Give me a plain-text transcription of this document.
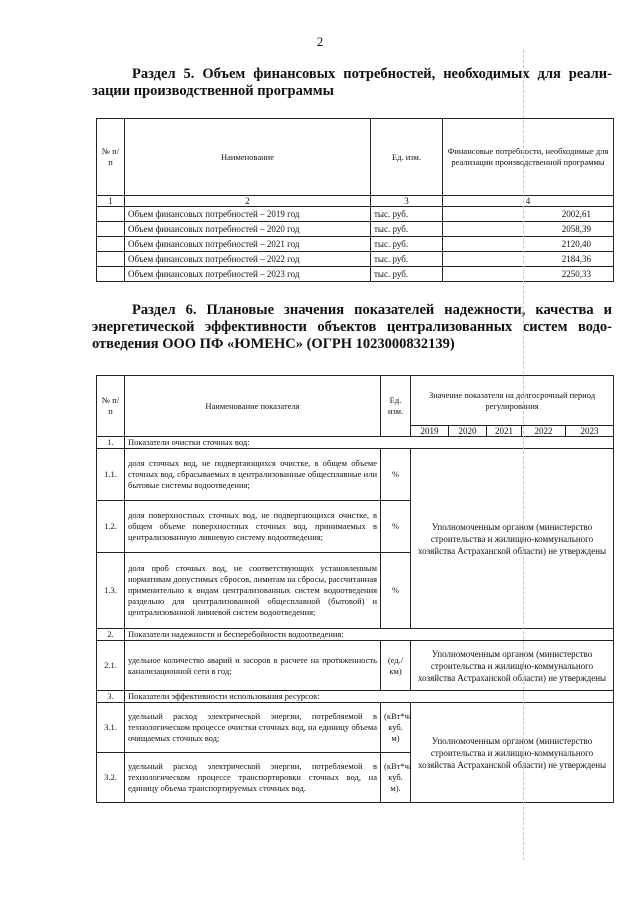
2
Раздел 5. Объем финансовых потребностей, необходимых для реали-
зации производственной программы
№ п/п	Наименование	Ед. изм.	Финансовые потребности, необходимые для реализации производственной программы
1	2	3	4
	Объем финансовых потребностей – 2019 год	тыс. руб.	2002,61
	Объем финансовых потребностей – 2020 год	тыс. руб.	2058,39
	Объем финансовых потребностей – 2021 год	тыс. руб.	2120,40
	Объем финансовых потребностей – 2022 год	тыс. руб.	2184,36
	Объем финансовых потребностей – 2023 год	тыс. руб.	2250,33
Раздел 6. Плановые значения показателей надежности, качества и
энергетической эффективности объектов централизованных систем водо-
отведения ООО ПФ «ЮМЕНС» (ОГРН 1023000832139)
№ п/п	Наименование показателя	Ед. изм.	Значение показателя на долгосрочный период регулирования				
			2019	2020	2021	2022	2023
1.	Показатели очистки сточных вод:						
1.1.	доля сточных вод, не подвергающихся очистке, в общем объеме сточных вод, сбрасываемых в централизованные общесплавные или бытовые системы водоотведения;	%	Уполномоченным органом (министерство строительства и жилищно-коммунального хозяйства Астраханской области) не утверждены				
1.2.	доля поверхностных сточных вод, не подвергающихся очистке, в общем объеме поверхностных сточных вод, принимаемых в централизованную ливневую систему водоотведения;	%					
1.3.	доля проб сточных вод, не соответствующих установленным нормативам допустимых сбросов, лимитам на сбросы, рассчитанная применительно к видам централизованных систем водоотведения раздельно для централизованной общесплавной (бытовой) и централизованной ливневой систем водоотведения;	%					
2.	Показатели надежности и бесперебойности водоотведения:						
2.1.	удельное количество аварий и засоров в расчете на протяженность канализационной сети в год;	(ед./км)	Уполномоченным органом (министерство строительства и жилищно-коммунального хозяйства Астраханской области) не утверждены				
3.	Показатели эффективности использования ресурсов:						
3.1.	удельный расход электрической энергии, потребляемой в технологическом процессе очистки сточных вод, на единицу объема очищаемых сточных вод;	(кВт*ч/куб. м)	Уполномоченным органом (министерство строительства и жилищно-коммунального хозяйства Астраханской области) не утверждены				
3.2.	удельный расход электрической энергии, потребляемой в технологическом процессе транспортировки сточных вод, на единицу объема транспортируемых сточных вод.	(кВт*ч/куб. м).					
